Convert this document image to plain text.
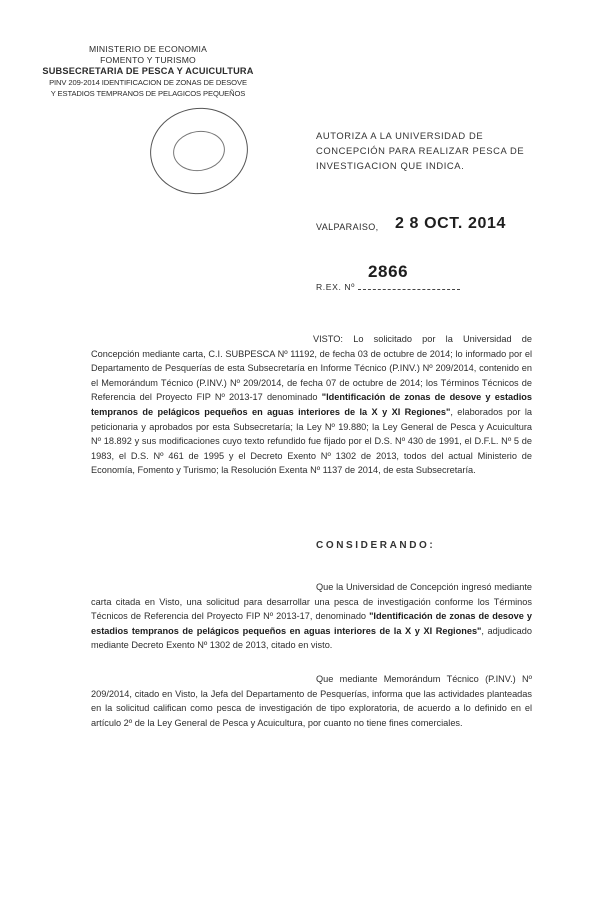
MINISTERIO DE ECONOMIA
FOMENTO Y TURISMO
SUBSECRETARIA DE PESCA Y ACUICULTURA
PINV 209-2014 IDENTIFICACION DE ZONAS DE DESOVE
Y ESTADIOS TEMPRANOS DE PELAGICOS PEQUEÑOS
AUTORIZA A LA UNIVERSIDAD DE CONCEPCIÓN PARA REALIZAR PESCA DE INVESTIGACION QUE INDICA.
VALPARAISO, 2 8 OCT. 2014
2866
R.EX. Nº
VISTO: Lo solicitado por la Universidad de Concepción mediante carta, C.I. SUBPESCA Nº 11192, de fecha 03 de octubre de 2014; lo informado por el Departamento de Pesquerías de esta Subsecretaría en Informe Técnico (P.INV.) Nº 209/2014, contenido en el Memorándum Técnico (P.INV.) Nº 209/2014, de fecha 07 de octubre de 2014; los Términos Técnicos de Referencia del Proyecto FIP Nº 2013-17 denominado "Identificación de zonas de desove y estadios tempranos de pelágicos pequeños en aguas interiores de la X y XI Regiones", elaborados por la peticionaria y aprobados por esta Subsecretaría; la Ley Nº 19.880; la Ley General de Pesca y Acuicultura Nº 18.892 y sus modificaciones cuyo texto refundido fue fijado por el D.S. Nº 430 de 1991, el D.F.L. Nº 5 de 1983, el D.S. Nº 461 de 1995 y el Decreto Exento Nº 1302 de 2013, todos del actual Ministerio de Economía, Fomento y Turismo; la Resolución Exenta Nº 1137 de 2014, de esta Subsecretaría.
CONSIDERANDO:
Que la Universidad de Concepción ingresó mediante carta citada en Visto, una solicitud para desarrollar una pesca de investigación conforme los Términos Técnicos de Referencia del Proyecto FIP Nº 2013-17, denominado "Identificación de zonas de desove y estadios tempranos de pelágicos pequeños en aguas interiores de la X y XI Regiones", adjudicado mediante Decreto Exento Nº 1302 de 2013, citado en visto.
Que mediante Memorándum Técnico (P.INV.) Nº 209/2014, citado en Visto, la Jefa del Departamento de Pesquerías, informa que las actividades planteadas en la solicitud califican como pesca de investigación de tipo exploratoria, de acuerdo a lo definido en el artículo 2º de la Ley General de Pesca y Acuicultura, por cuanto no tiene fines comerciales.
